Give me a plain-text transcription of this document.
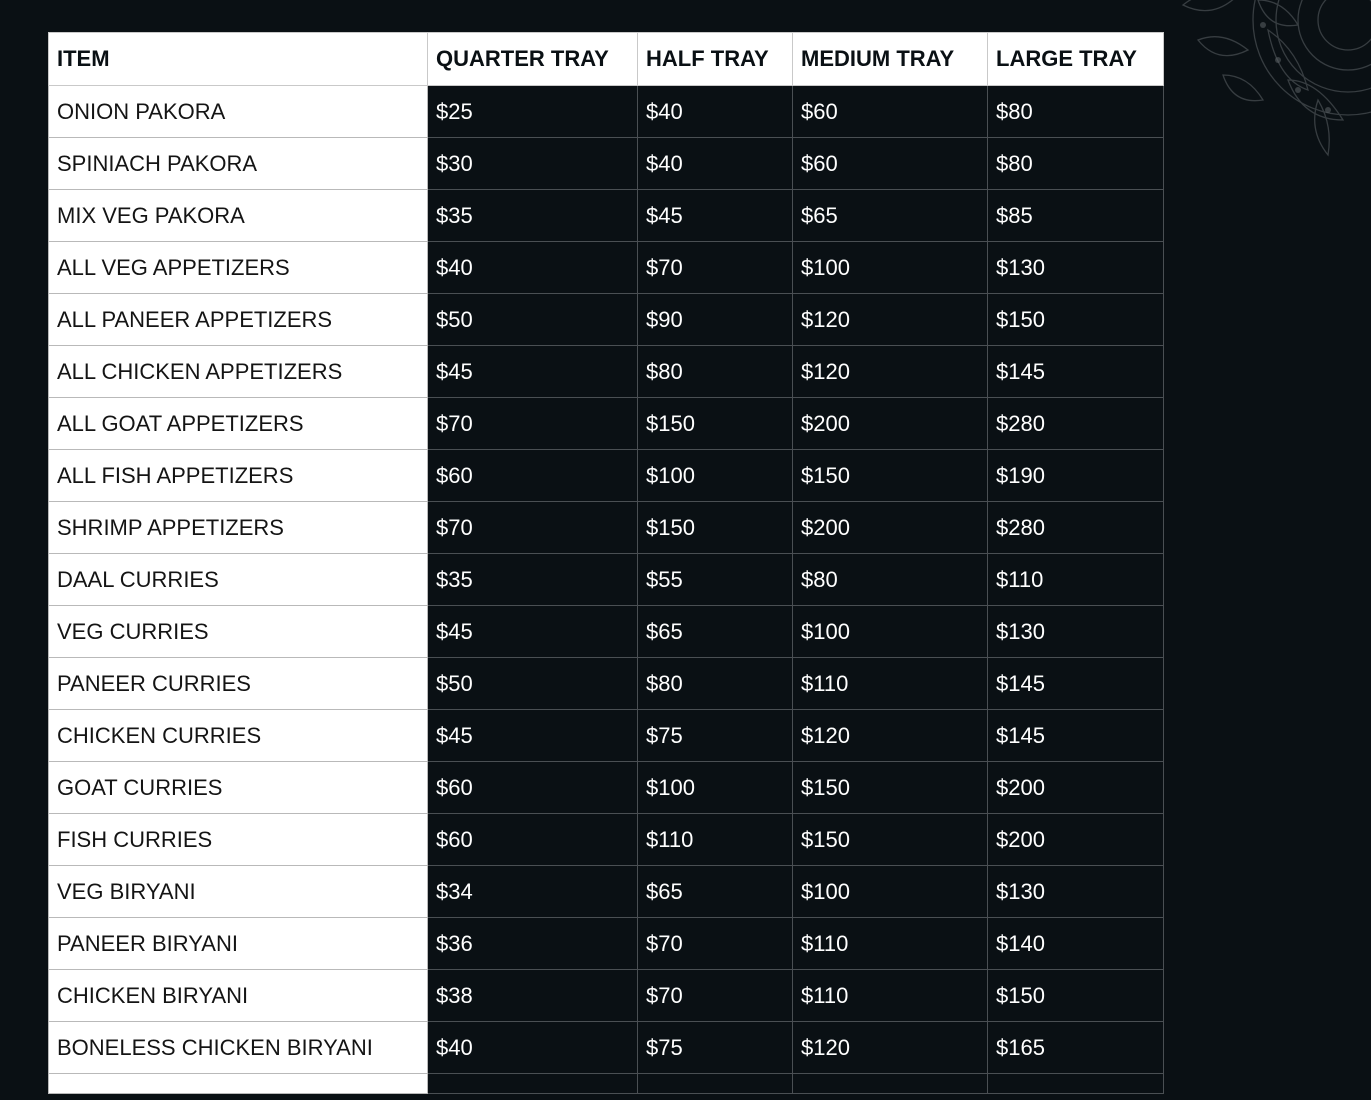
ITEM	QUARTER TRAY	HALF TRAY	MEDIUM TRAY	LARGE TRAY
ONION PAKORA	$25	$40	$60	$80
SPINIACH PAKORA	$30	$40	$60	$80
MIX VEG PAKORA	$35	$45	$65	$85
ALL VEG APPETIZERS	$40	$70	$100	$130
ALL PANEER APPETIZERS	$50	$90	$120	$150
ALL CHICKEN APPETIZERS	$45	$80	$120	$145
ALL GOAT APPETIZERS	$70	$150	$200	$280
ALL FISH APPETIZERS	$60	$100	$150	$190
SHRIMP APPETIZERS	$70	$150	$200	$280
DAAL CURRIES	$35	$55	$80	$110
VEG CURRIES	$45	$65	$100	$130
PANEER CURRIES	$50	$80	$110	$145
CHICKEN CURRIES	$45	$75	$120	$145
GOAT CURRIES	$60	$100	$150	$200
FISH CURRIES	$60	$110	$150	$200
VEG BIRYANI	$34	$65	$100	$130
PANEER BIRYANI	$36	$70	$110	$140
CHICKEN BIRYANI	$38	$70	$110	$150
BONELESS CHICKEN BIRYANI	$40	$75	$120	$165
